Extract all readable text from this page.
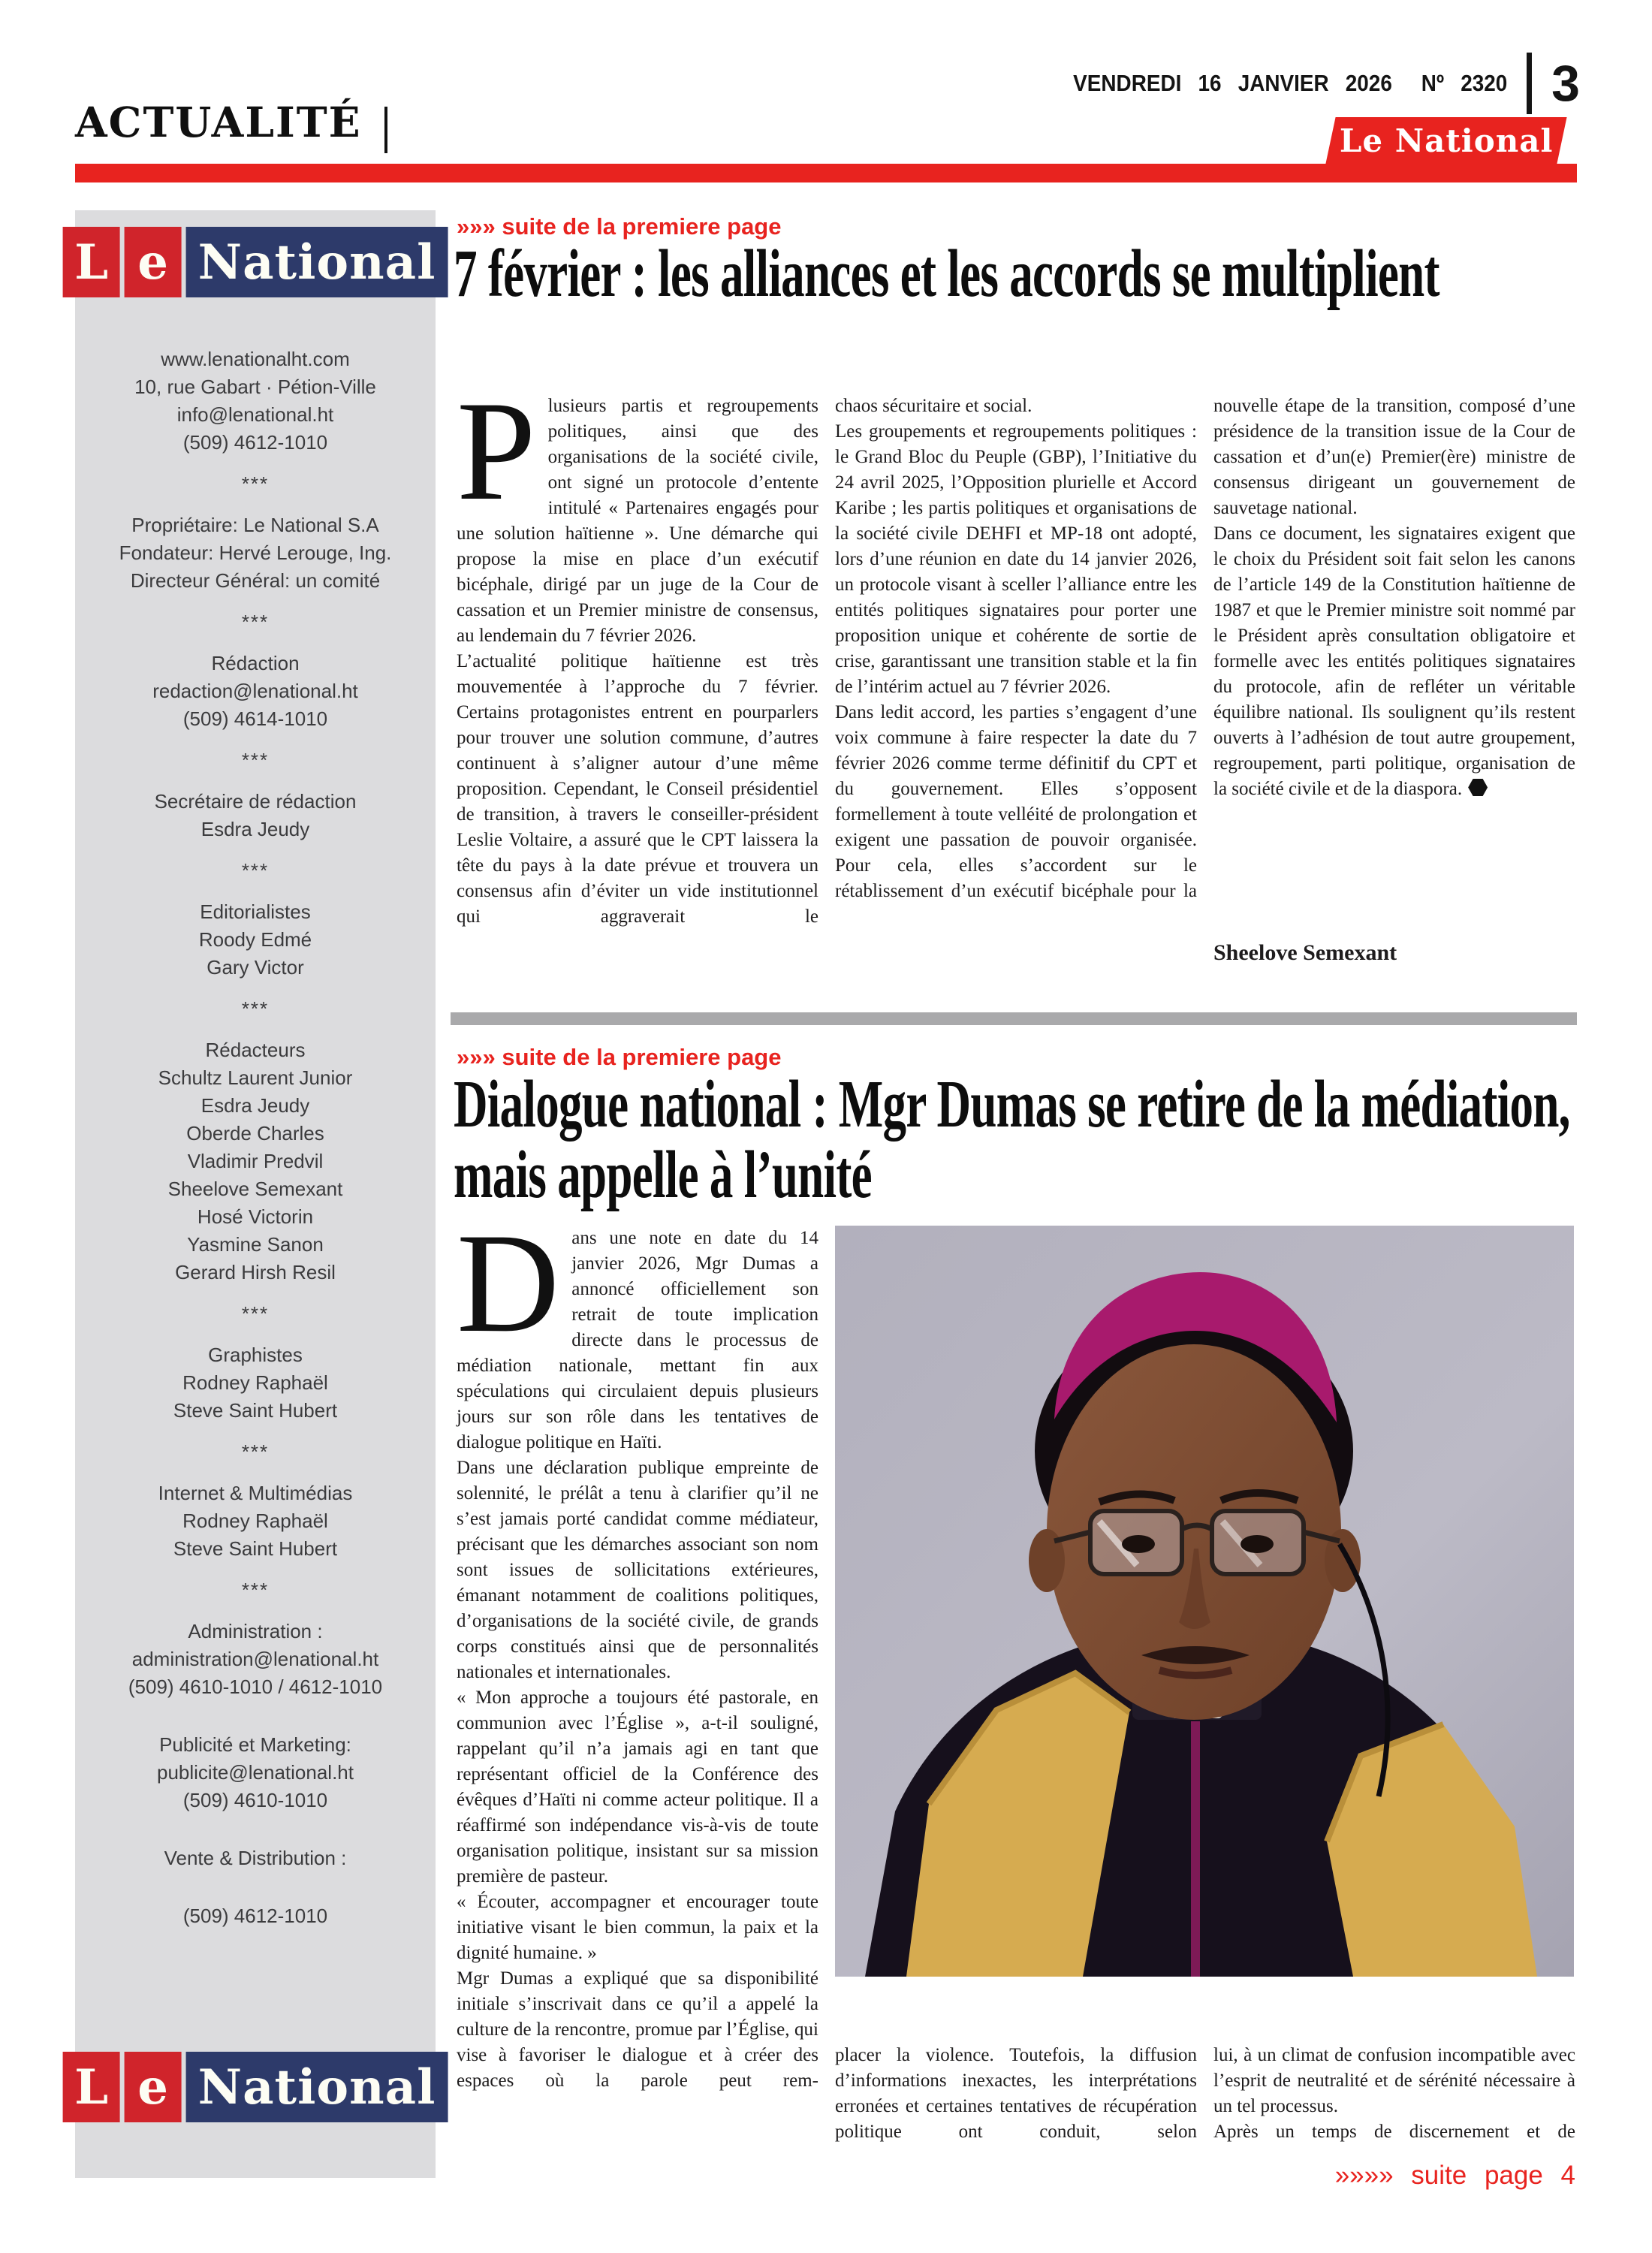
VENDREDI 16 JANVIER 2026 Nº 2320 3
ACTUALITÉ	Le National
L e National
www.lenationalht.com
10, rue Gabart · Pétion-Ville
info@lenational.ht
(509) 4612-1010
***
Propriétaire: Le National S.A
Fondateur: Hervé Lerouge, Ing.
Directeur Général: un comité
***
Rédaction
redaction@lenational.ht
(509) 4614-1010
***
Secrétaire de rédaction
Esdra Jeudy
***
Editorialistes
Roody Edmé
Gary Victor
***
Rédacteurs
Schultz Laurent Junior
Esdra Jeudy
Oberde Charles
Vladimir Predvil
Sheelove Semexant
Hosé Victorin
Yasmine Sanon
Gerard Hirsh Resil
***
Graphistes
Rodney Raphaël
Steve Saint Hubert
***
Internet & Multimédias
Rodney Raphaël
Steve Saint Hubert
***
Administration :
administration@lenational.ht
(509) 4610-1010 / 4612-1010
Publicité et Marketing:
publicite@lenational.ht
(509) 4610-1010
Vente & Distribution :
(509) 4612-1010
L e National
»»» suite de la premiere page
7 février : les alliances et les accords se multiplient

Plusieurs partis et regroupements politiques, ainsi que des organisations de la société civile, ont signé un protocole d’entente intitulé « Partenaires engagés pour une solution haïtienne ». Une démarche qui propose la mise en place d’un exécutif bicéphale, dirigé par un juge de la Cour de cassation et un Premier ministre de consensus, au lendemain du 7 février 2026.

L’actualité politique haïtienne est très mouvementée à l’approche du 7 février. Certains protagonistes entrent en pourparlers pour trouver une solution commune, d’autres continuent à s’aligner autour d’une même proposition. Cependant, le Conseil présidentiel de transition, à travers le conseiller-président Leslie Voltaire, a assuré que le CPT laissera la tête du pays à la date prévue et trouvera un consensus afin d’éviter un vide institutionnel qui aggraverait le

chaos sécuritaire et social.

Les groupements et regroupements politiques : le Grand Bloc du Peuple (GBP), l’Initiative du 24 avril 2025, l’Opposition plurielle et Accord Karibe ; les partis politiques et organisations de la société civile DEHFI et MP-18 ont adopté, lors d’une réunion en date du 14 janvier 2026, un protocole visant à sceller l’alliance entre les entités politiques signataires pour porter une proposition unique et cohérente de sortie de crise, garantissant une transition stable et la fin de l’intérim actuel au 7 février 2026.

Dans ledit accord, les parties s’engagent d’une voix commune à faire respecter la date du 7 février 2026 comme terme définitif du CPT et du gouvernement. Elles s’opposent formellement à toute velléité de prolongation et exigent une passation de pouvoir organisée. Pour cela, elles s’accordent sur le rétablissement d’un exécutif bicéphale pour la

nouvelle étape de la transition, composé d’une présidence de la transition issue de la Cour de cassation et d’un(e) Premier(ère) ministre de consensus dirigeant un gouvernement de sauvetage national.

Dans ce document, les signataires exigent que le choix du Président soit fait selon les canons de l’article 149 de la Constitution haïtienne de 1987 et que le Premier ministre soit nommé par le Président après consultation obligatoire et formelle avec les entités politiques signataires du protocole, afin de refléter un véritable équilibre national. Ils soulignent qu’ils restent ouverts à l’adhésion de tout autre groupement, regroupement, parti politique, organisation de la société civile et de la diaspora.

Sheelove Semexant
»»» suite de la premiere page
Dialogue national : Mgr Dumas se retire de la médiation, mais appelle à l’unité

Dans une note en date du 14 janvier 2026, Mgr Dumas a annoncé officiellement son retrait de toute implication directe dans le processus de médiation nationale, mettant fin aux spéculations qui circulaient depuis plusieurs jours sur son rôle dans les tentatives de dialogue politique en Haïti.

Dans une déclaration publique empreinte de solennité, le prélât a tenu à clarifier qu’il ne s’est jamais porté candidat comme médiateur, précisant que les démarches associant son nom sont issues de sollicitations extérieures, émanant notamment de coalitions politiques, d’organisations de la société civile, de grands corps constitués ainsi que de personnalités nationales et internationales.

« Mon approche a toujours été pastorale, en communion avec l’Église », a-t-il souligné, rappelant qu’il n’a jamais agi en tant que représentant officiel de la Conférence des évêques d’Haïti ni comme acteur politique. Il a réaffirmé son indépendance vis-à-vis de toute organisation politique, insistant sur sa mission première de pasteur.

« Écouter, accompagner et encourager toute initiative visant le bien commun, la paix et la dignité humaine. »

Mgr Dumas a expliqué que sa disponibilité initiale s’inscrivait dans ce qu’il a appelé la culture de la rencontre, promue par l’Église, qui vise à favoriser le dialogue et à créer des espaces où la parole peut rem-

placer la violence. Toutefois, la diffusion d’informations inexactes, les interprétations erronées et certaines tentatives de récupération politique ont conduit, selon

lui, à un climat de confusion incompatible avec l’esprit de neutralité et de sérénité nécessaire à un tel processus.

Après un temps de discernement et de

»»»» suite page 4
